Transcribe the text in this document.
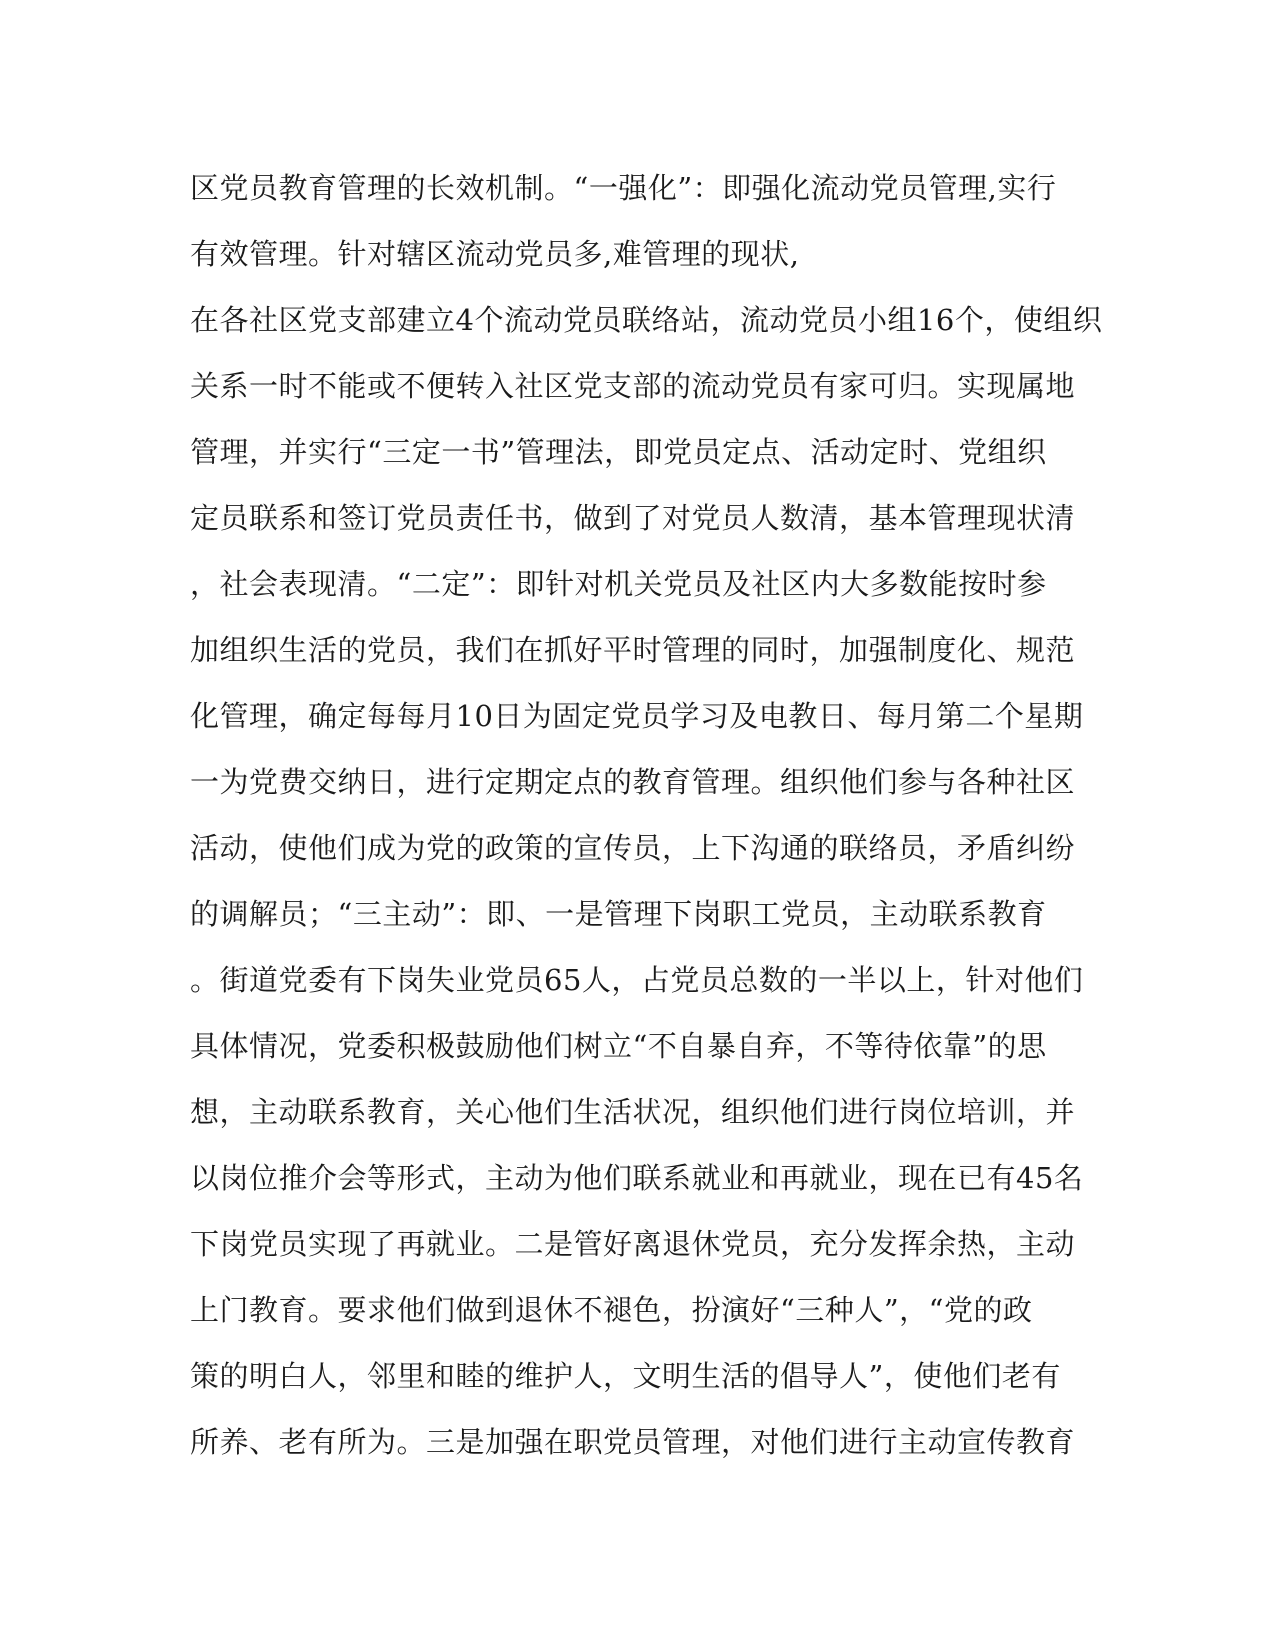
区党员教育管理的长效机制。“一强化”：即强化流动党员管理,实行
有效管理。针对辖区流动党员多,难管理的现状,
在各社区党支部建立4个流动党员联络站，流动党员小组16个，使组织
关系一时不能或不便转入社区党支部的流动党员有家可归。实现属地
管理，并实行“三定一书”管理法，即党员定点、活动定时、党组织
定员联系和签订党员责任书，做到了对党员人数清，基本管理现状清
，社会表现清。“二定”：即针对机关党员及社区内大多数能按时参
加组织生活的党员，我们在抓好平时管理的同时，加强制度化、规范
化管理，确定每每月10日为固定党员学习及电教日、每月第二个星期
一为党费交纳日，进行定期定点的教育管理。组织他们参与各种社区
活动，使他们成为党的政策的宣传员，上下沟通的联络员，矛盾纠纷
的调解员；“三主动”：即、一是管理下岗职工党员，主动联系教育
。街道党委有下岗失业党员65人，占党员总数的一半以上，针对他们
具体情况，党委积极鼓励他们树立“不自暴自弃，不等待依靠”的思
想，主动联系教育，关心他们生活状况，组织他们进行岗位培训，并
以岗位推介会等形式，主动为他们联系就业和再就业，现在已有45名
下岗党员实现了再就业。二是管好离退休党员，充分发挥余热，主动
上门教育。要求他们做到退休不褪色，扮演好“三种人”，“党的政
策的明白人，邻里和睦的维护人，文明生活的倡导人”，使他们老有
所养、老有所为。三是加强在职党员管理，对他们进行主动宣传教育
